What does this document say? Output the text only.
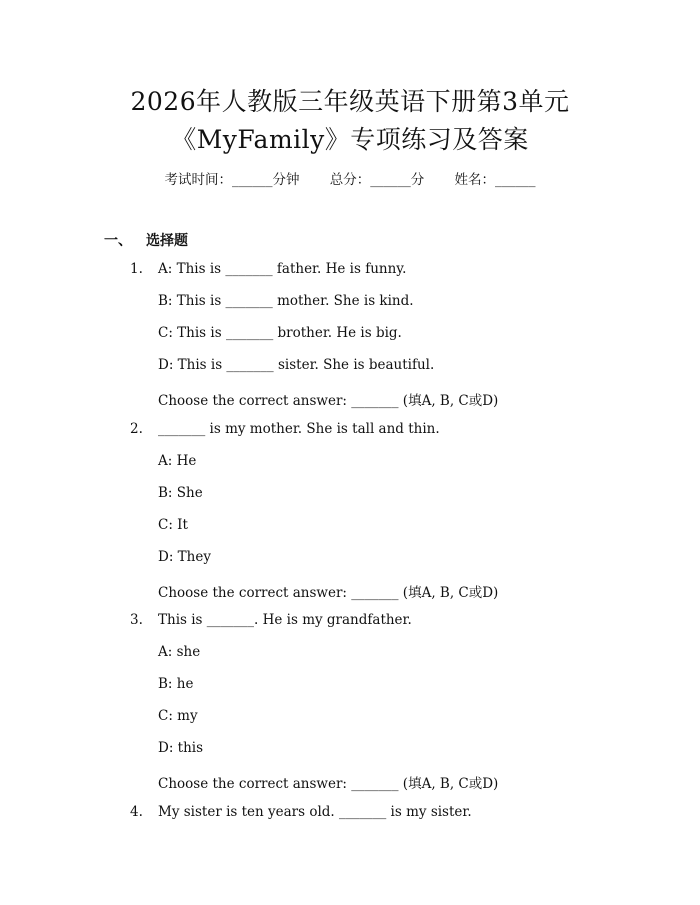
2026年人教版三年级英语下册第3单元
《MyFamily》专项练习及答案
考试时间：______分钟 总分：______分 姓名：______
一、 选择题
1. A: This is _______ father. He is funny.
B: This is _______ mother. She is kind.
C: This is _______ brother. He is big.
D: This is _______ sister. She is beautiful.
Choose the correct answer: _______ (填A, B, C或D)
2. _______ is my mother. She is tall and thin.
A: He
B: She
C: It
D: They
Choose the correct answer: _______ (填A, B, C或D)
3. This is _______. He is my grandfather.
A: she
B: he
C: my
D: this
Choose the correct answer: _______ (填A, B, C或D)
4. My sister is ten years old. _______ is my sister.
